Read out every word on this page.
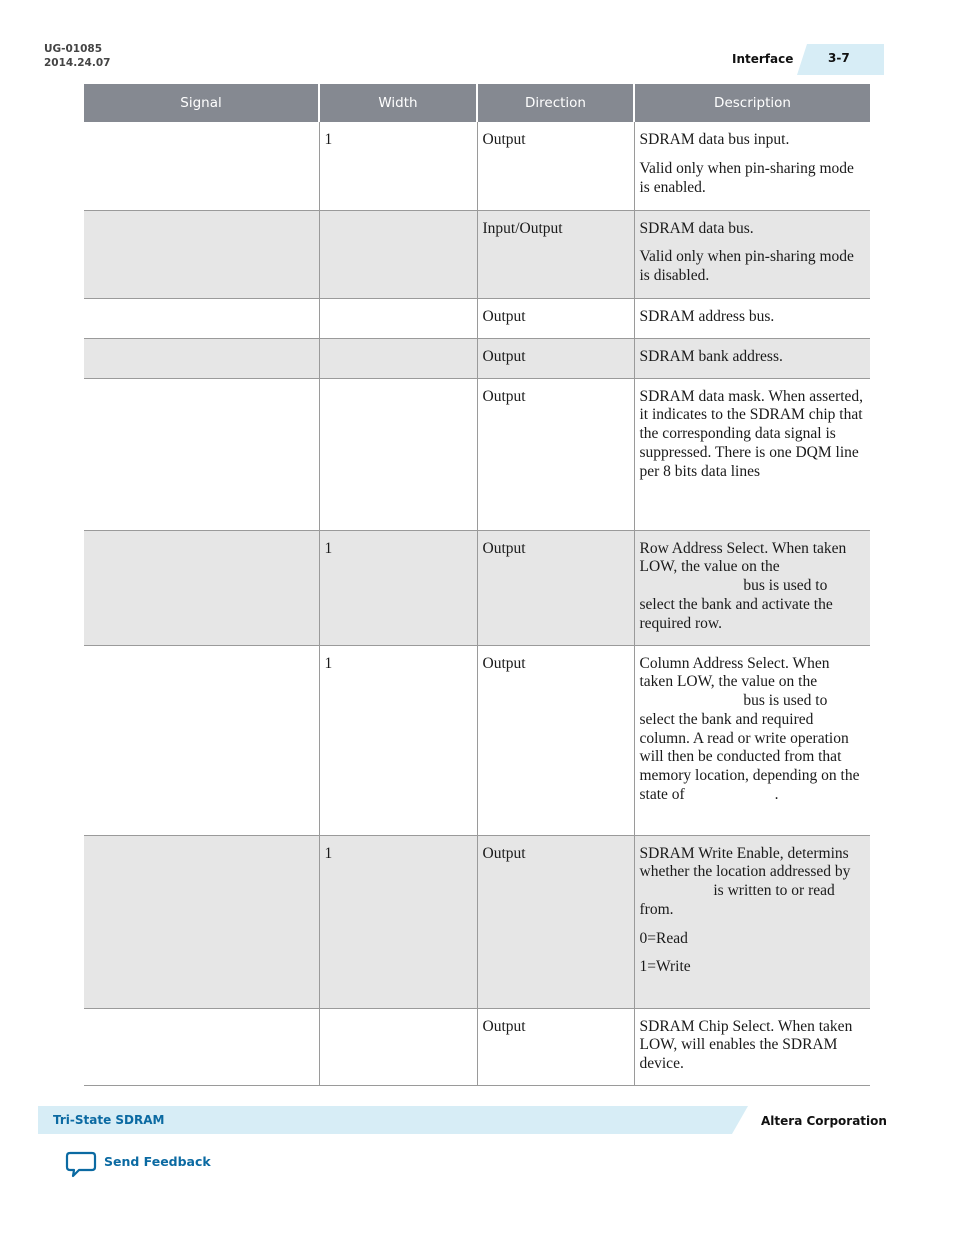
UG-01085
2014.24.07	Interface	3-7
Signal	Width	Direction	Description
	1	Output	SDRAM data bus input.

Valid only when pin-sharing mode is enabled.

		Input/Output	SDRAM data bus.

Valid only when pin-sharing mode is disabled.

		Output	SDRAM address bus.

		Output	SDRAM bank address.

		Output	SDRAM data mask. When asserted, it indicates to the SDRAM chip that the corresponding data signal is suppressed. There is one DQM line per 8 bits data lines

	1	Output	Row Address Select. When taken LOW, the value on the  bus is used to select the bank and activate the required row.

	1	Output	Column Address Select. When taken LOW, the value on the  bus is used to select the bank and required column. A read or write operation will then be conducted from that memory location, depending on the state of .

	1	Output	SDRAM Write Enable, determins whether the location addressed by  is written to or read from.

0=Read

1=Write

		Output	SDRAM Chip Select. When taken LOW, will enables the SDRAM device.

Tri-State SDRAM	Altera Corporation
Send Feedback
